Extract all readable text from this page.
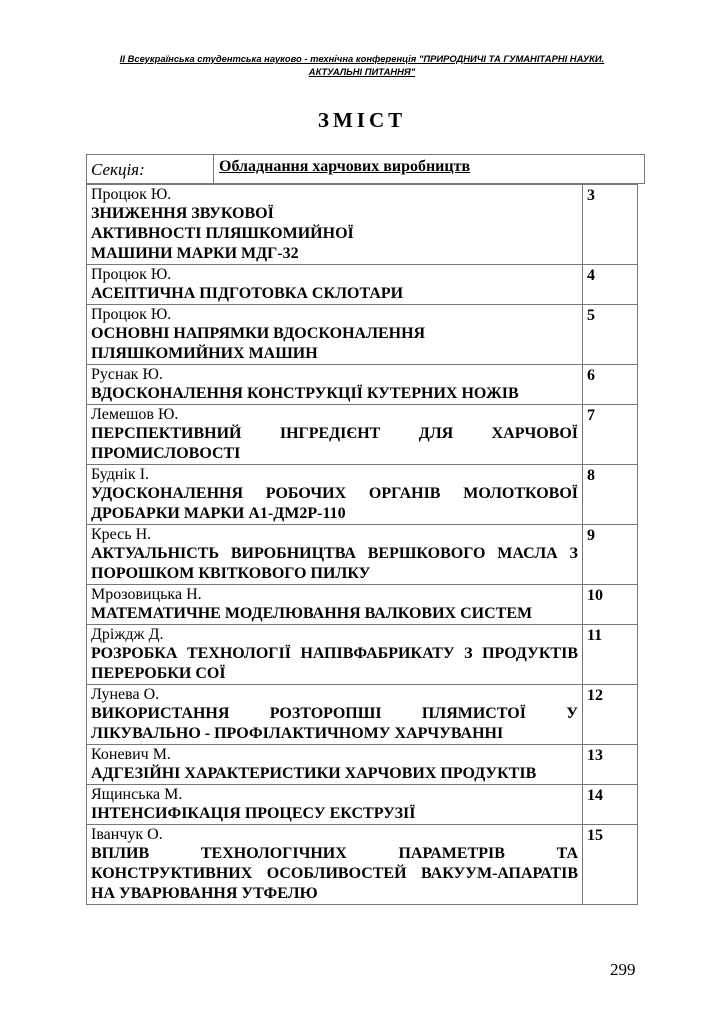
II Всеукраїнська студентська науково - технічна конференція "ПРИРОДНИЧІ ТА ГУМАНІТАРНІ НАУКИ.
АКТУАЛЬНІ ПИТАННЯ"
ЗМІСТ
Секція:	Обладнання харчових виробництв
Процюк Ю.
ЗНИЖЕННЯ ЗВУКОВОЇ
АКТИВНОСТІ ПЛЯШКОМИЙНОЇ
МАШИНИ МАРКИ МДГ-32	3

Процюк Ю.
АСЕПТИЧНА ПІДГОТОВКА СКЛОТАРИ	4

Процюк Ю.
ОСНОВНІ НАПРЯМКИ ВДОСКОНАЛЕННЯ
ПЛЯШКОМИЙНИХ МАШИН	5

Руснак Ю.
ВДОСКОНАЛЕННЯ КОНСТРУКЦІЇ КУТЕРНИХ НОЖІВ	6

Лемешов Ю.
ПЕРСПЕКТИВНИЙ ІНГРЕДІЄНТ ДЛЯ ХАРЧОВОЇ ПРОМИСЛОВОСТІ	7

Буднік І.
УДОСКОНАЛЕННЯ РОБОЧИХ ОРГАНІВ МОЛОТКОВОЇ ДРОБАРКИ МАРКИ А1-ДМ2Р-110	8

Кресь Н.
АКТУАЛЬНІСТЬ ВИРОБНИЦТВА ВЕРШКОВОГО МАСЛА З ПОРОШКОМ КВІТКОВОГО ПИЛКУ	9

Мрозовицька Н.
МАТЕМАТИЧНЕ МОДЕЛЮВАННЯ ВАЛКОВИХ СИСТЕМ	10

Дріждж Д.
РОЗРОБКА ТЕХНОЛОГІЇ НАПІВФАБРИКАТУ З ПРОДУКТІВ ПЕРЕРОБКИ СОЇ	11

Лунева О.
ВИКОРИСТАННЯ РОЗТОРОПШІ ПЛЯМИСТОЇ У ЛІКУВАЛЬНО - ПРОФІЛАКТИЧНОМУ ХАРЧУВАННІ	12

Коневич М.
АДГЕЗІЙНІ ХАРАКТЕРИСТИКИ ХАРЧОВИХ ПРОДУКТІВ	13

Ящинська М.
ІНТЕНСИФІКАЦІЯ ПРОЦЕСУ ЕКСТРУЗІЇ	14

Іванчук О.
ВПЛИВ ТЕХНОЛОГІЧНИХ ПАРАМЕТРІВ ТА КОНСТРУКТИВНИХ ОСОБЛИВОСТЕЙ ВАКУУМ-АПАРАТІВ НА УВАРЮВАННЯ УТФЕЛЮ	15
299
